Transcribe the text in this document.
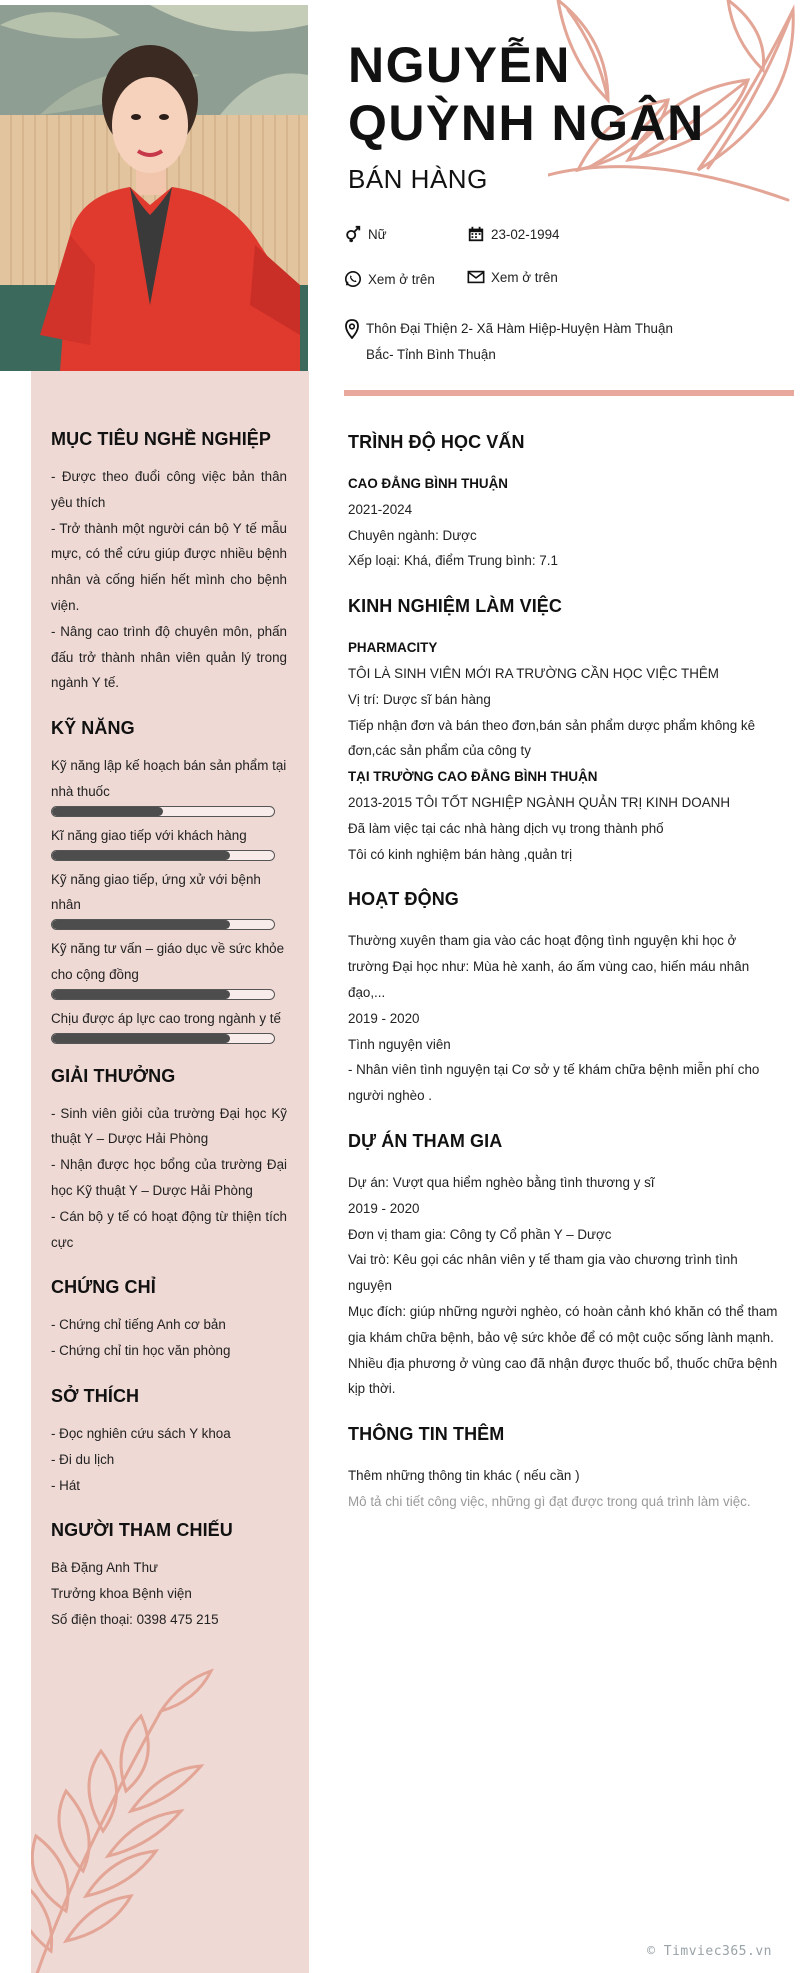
MỤC TIÊU NGHỀ NGHIỆP

- Được theo đuổi công việc bản thân yêu thích

- Trở thành một người cán bộ Y tế mẫu mực, có thể cứu giúp được nhiều bệnh nhân và cống hiến hết mình cho bệnh viện.

- Nâng cao trình độ chuyên môn, phấn đấu trở thành nhân viên quản lý trong ngành Y tế.

KỸ NĂNG
Kỹ năng lập kế hoạch bán sản phẩm tại nhà thuốc
Kĩ năng giao tiếp với khách hàng
Kỹ năng giao tiếp, ứng xử với bệnh nhân
Kỹ năng tư vấn – giáo dục về sức khỏe cho cộng đồng
Chịu được áp lực cao trong ngành y tế
GIẢI THƯỞNG

- Sinh viên giỏi của trường Đại học Kỹ thuật Y – Dược Hải Phòng

- Nhận được học bổng của trường Đại học Kỹ thuật Y – Dược Hải Phòng

- Cán bộ y tế có hoạt động từ thiện tích cực

CHỨNG CHỈ

- Chứng chỉ tiếng Anh cơ bản

- Chứng chỉ tin học văn phòng

SỞ THÍCH

- Đọc nghiên cứu sách Y khoa

- Đi du lịch

- Hát

NGƯỜI THAM CHIẾU

Bà Đặng Anh Thư

Trưởng khoa Bệnh viện

Số điện thoại: 0398 475 215

NGUYỄN
QUỲNH NGÂN
BÁN HÀNG
Nữ	23-02-1994
Xem ở trên	Xem ở trên
Thôn Đại Thiện 2- Xã Hàm Hiệp-Huyện Hàm Thuận Bắc- Tỉnh Bình Thuận
TRÌNH ĐỘ HỌC VẤN
CAO ĐẲNG BÌNH THUẬN
2021-2024
Chuyên ngành: Dược
Xếp loại: Khá, điểm Trung bình: 7.1
KINH NGHIỆM LÀM VIỆC
PHARMACITY
TÔI LÀ SINH VIÊN MỚI RA TRƯỜNG CẦN HỌC VIỆC THÊM
Vị trí: Dược sĩ bán hàng
Tiếp nhận đơn và bán theo đơn,bán sản phẩm dược phẩm không kê đơn,các sản phẩm của công ty
TẠI TRƯỜNG CAO ĐẲNG BÌNH THUẬN
2013-2015 TÔI TỐT NGHIỆP NGÀNH QUẢN TRỊ KINH DOANH
Đã làm việc tại các nhà hàng dịch vụ trong thành phố
Tôi có kinh nghiệm bán hàng ,quản trị
HOẠT ĐỘNG
Thường xuyên tham gia vào các hoạt động tình nguyện khi học ở trường Đại học như: Mùa hè xanh, áo ấm vùng cao, hiến máu nhân đạo,...
2019 - 2020
Tình nguyện viên
- Nhân viên tình nguyện tại Cơ sở y tế khám chữa bệnh miễn phí cho người nghèo .
DỰ ÁN THAM GIA
Dự án: Vượt qua hiểm nghèo bằng tình thương y sĩ
2019 - 2020
Đơn vị tham gia: Công ty Cổ phần Y – Dược
Vai trò: Kêu gọi các nhân viên y tế tham gia vào chương trình tình nguyện
Mục đích: giúp những người nghèo, có hoàn cảnh khó khăn có thể tham gia khám chữa bệnh, bảo vệ sức khỏe để có một cuộc sống lành mạnh. Nhiều địa phương ở vùng cao đã nhận được thuốc bổ, thuốc chữa bệnh kịp thời.
THÔNG TIN THÊM
Thêm những thông tin khác ( nếu cần )
Mô tả chi tiết công việc, những gì đạt được trong quá trình làm việc.
© Timviec365.vn
